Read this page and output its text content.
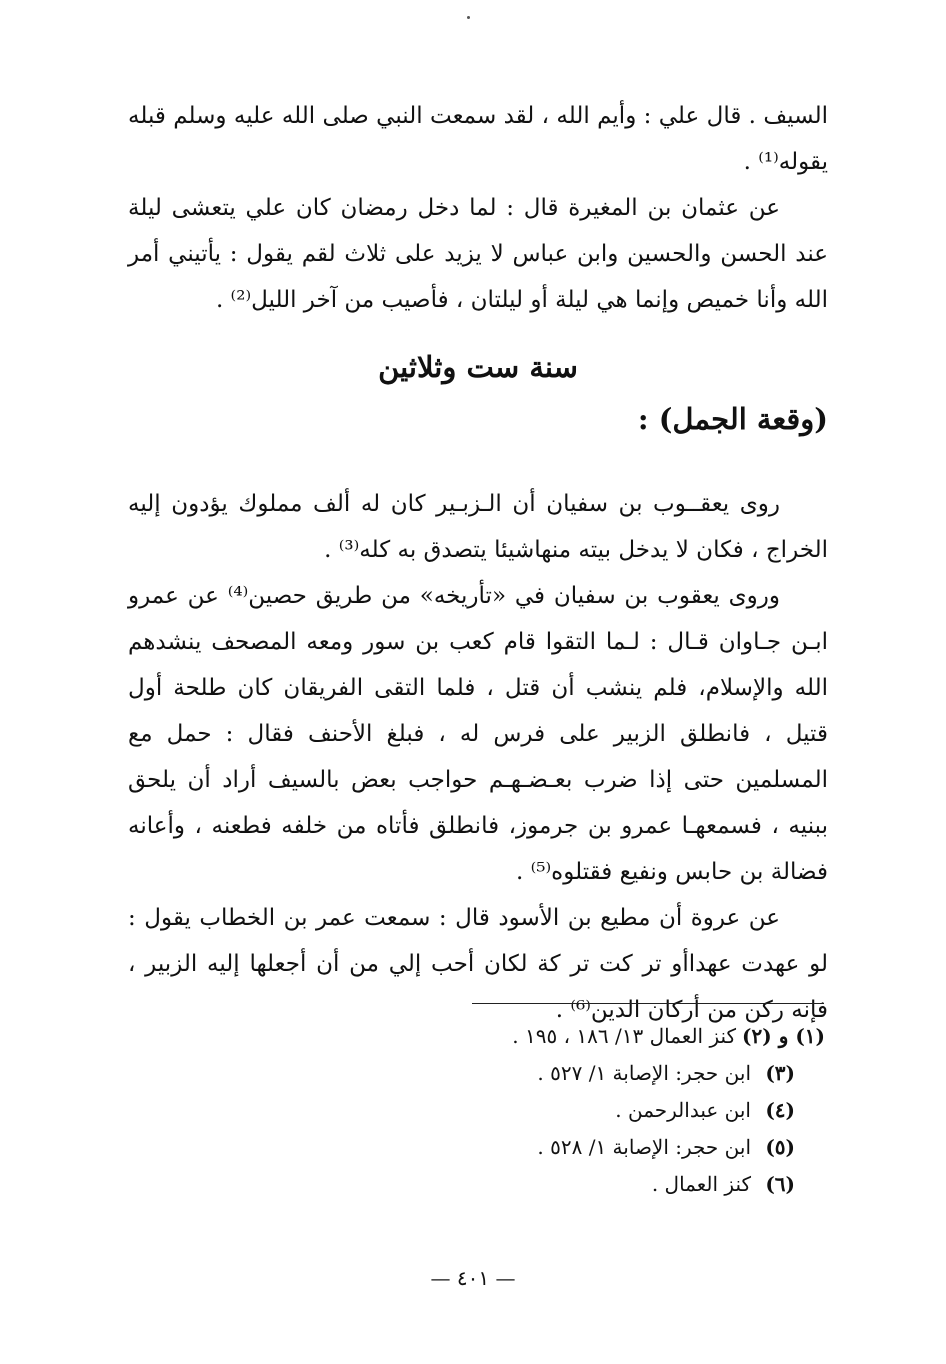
السيف . قال علي : وأيم الله ، لقد سمعت النبي صلى الله عليه وسلم قبله يقوله⁽¹⁾ .

عن عثمان بن المغيرة قال : لما دخل رمضان كان علي يتعشى ليلة عند الحسن والحسين وابن عباس لا يزيد على ثلاث لقم يقول : يأتيني أمر الله وأنا خميص وإنما هي ليلة أو ليلتان ، فأصيب من آخر الليل⁽²⁾ .

سنة ست وثلاثين
(وقعة الجمل) :

روى يعقــوب بن سفيان أن الـزبـير كان له ألف مملوك يؤدون إليه الخراج ، فكان لا يدخل بيته منهاشيئا يتصدق به كله⁽³⁾ .

وروى يعقوب بن سفيان في «تأريخه» من طريق حصين⁽⁴⁾ عن عمرو ابـن جـاوان قـال : لـما التقوا قام كعب بن سور ومعه المصحف ينشدهم الله والإسلام، فلم ينشب أن قتل ، فلما التقى الفريقان كان طلحة أول قتيل ، فانطلق الزبير على فرس له ، فبلغ الأحنف فقال : حمل مع المسلمين حتى إذا ضرب بعـضـهـم حواجب بعض بالسيف أراد أن يلحق ببنيه ، فسمعهـا عمرو بن جرموز، فانطلق فأتاه من خلفه فطعنه ، وأعانه فضالة بن حابس ونفيع فقتلوه⁽⁵⁾ .

عن عروة أن مطيع بن الأسود قال : سمعت عمر بن الخطاب يقول : لو عهدت عهداأو تر كت تر كة لكان أحب إلي من أن أجعلها إليه الزبير ، فإنه ركن من أركان الدين⁽⁶⁾ .

(١) و (٢)
كنز العمال ١٣/ ١٨٦ ، ١٩٥ .
(٣)
ابن حجر: الإصابة ١/ ٥٢٧ .
(٤)
ابن عبدالرحمن .
(٥)
ابن حجر: الإصابة ١/ ٥٢٨ .
(٦)
كنز العمال .
— ٤٠١ —
